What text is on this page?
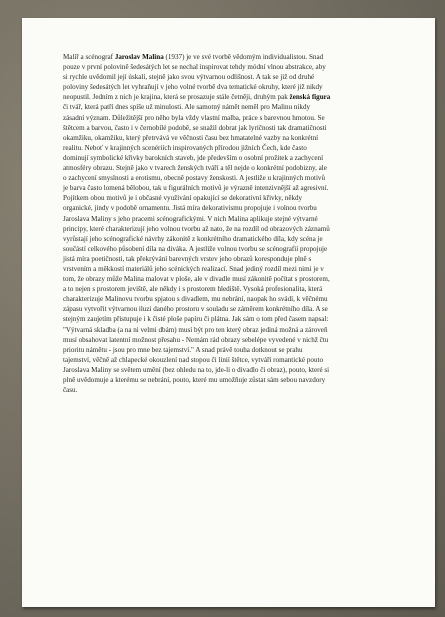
Malíř a scénograf Jaroslav Malina (1937) je ve své tvorbě vědomým individualistou. Snad
pouze v první polovině šedesátých let se nechal inspirovat tehdy módní vlnou abstrakce, aby
si rychle uvědomil její úskalí, stejně jako svou výtvarnou odlišnost. A tak se již od druhé
poloviny šedesátých let vyhraňují v jeho volné tvorbě dva tematické okruhy, které již nikdy
neopustil. Jedním z nich je krajina, která se prosazuje stále četněji, druhým pak ženská figura
či tvář, která patří dnes spíše už minulosti. Ale samotný námět neměl pro Malinu nikdy
zásadní význam. Důležitější pro něho byla vždy vlastní malba, práce s barevnou hmotou. Se
štětcem a barvou, často i v černobílé podobě, se snažil dobrat jak lyričnosti tak dramatičnosti
okamžiku, okamžiku, který přetrvává ve věčnosti času bez hmatatelné vazby na konkrétní
realitu. Neboť v krajinných scenériích inspirovaných přírodou jižních Čech, kde často
dominují symbolické křivky barokních staveb, jde především o osobní prožitek a zachycení
atmosféry obrazu. Stejně jako v tvarech ženských tváří a těl nejde o konkrétní podobizny, ale
o zachycení smyslnosti a erotismu, obecně postavy ženskosti. A jestliže u krajinných motivů
je barva často lomená bělobou, tak u figurálních motivů je výrazně intenzivnější až agresivní.
Pojítkem obou motivů je i občasné využívání opakující se dekorativní křivky, někdy
organické, jindy v podobě ornamentu. Jistá míra dekorativismu propojuje i volnou tvorbu
Jaroslava Maliny s jeho pracemi scénografickými. V nich Malina aplikuje stejné výtvarné
principy, které charakterizují jeho volnou tvorbu až nato, že na rozdíl od obrazových záznamů
vyrůstají jeho scénografické návrhy zákonitě z konkrétního dramatického díla, kdy scéna je
součástí celkového působení díla na diváka. A jestliže volnou tvorbu se scénografií propojuje
jistá míra poetičnosti, tak překrývání barevných vrstev jeho obrazů koresponduje plně s
vrstvením a měkkostí materiálů jeho scénických realizací. Snad jediný rozdíl mezi nimi je v
tom, že obrazy může Malina malovat v ploše, ale v divadle musí zákonitě počítat s prostorem,
a to nejen s prostorem jeviště, ale někdy i s prostorem hlediště. Vysoká profesionalita, která
charakterizuje Malinovu tvorbu spjatou s divadlem, mu nebrání, naopak ho svádí, k věčnému
zápasu vytvořit výtvarnou iluzi daného prostoru v souladu se záměrem konkrétního díla. A se
stejným zaujetím přistupuje i k čisté ploše papíru či plátna. Jak sám o tom před časem napsal:
"Výtvarná skladba (a na ni velmi dbám) musí být pro ten který obraz jediná možná a zároveň
musí obsahovat latentní možnost přesahu - Nemám rád obrazy sebelépe vyvedené v nichž čtu
prioritu námětu - jsou pro mne bez tajemství." A snad právě touha dotknout se prahu
tajemství, věčně až chlapecké okouzlení nad stopou či linií štětce, vytváří romantické pouto
Jaroslava Maliny se světem umění (bez ohledu na to, jde-li o divadlo či obraz), pouto, které si
plně uvědomuje a kterému se nebrání, pouto, které mu umožňuje zůstat sám sebou navzdory
času.
